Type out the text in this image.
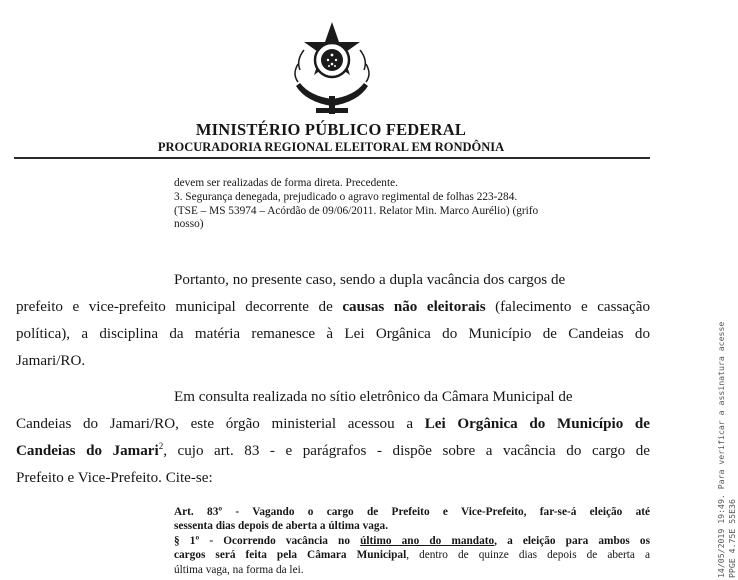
MINISTÉRIO PÚBLICO FEDERAL
PROCURADORIA REGIONAL ELEITORAL EM RONDÔNIA
devem ser realizadas de forma direta. Precedente.
3. Segurança denegada, prejudicado o agravo regimental de folhas 223-284.
(TSE – MS 53974 – Acórdão de 09/06/2011. Relator Min. Marco Aurélio) (grifo
nosso)
Portanto, no presente caso, sendo a dupla vacância dos cargos de
prefeito e vice-prefeito municipal decorrente de causas não eleitorais (falecimento e cassação
política), a disciplina da matéria remanesce à Lei Orgânica do Município de Candeias do
Jamari/RO.
Em consulta realizada no sítio eletrônico da Câmara Municipal de
Candeias do Jamari/RO, este órgão ministerial acessou a Lei Orgânica do Município de
Candeias do Jamari$^2$, cujo art. 83 - e parágrafos - dispõe sobre a vacância do cargo de
Prefeito e Vice-Prefeito. Cite-se:
Art. 83º - Vagando o cargo de Prefeito e Vice-Prefeito, far-se-á eleição até
sessenta dias depois de aberta a última vaga.
§ 1º - Ocorrendo vacância no último ano do mandato, a eleição para ambos os
cargos será feita pela Câmara Municipal, dentro de quinze dias depois de aberta a
última vaga, na forma da lei.	14/05/2019 19:49. Para verificar a assinatura acesse PPGE 4.75E 55E36
